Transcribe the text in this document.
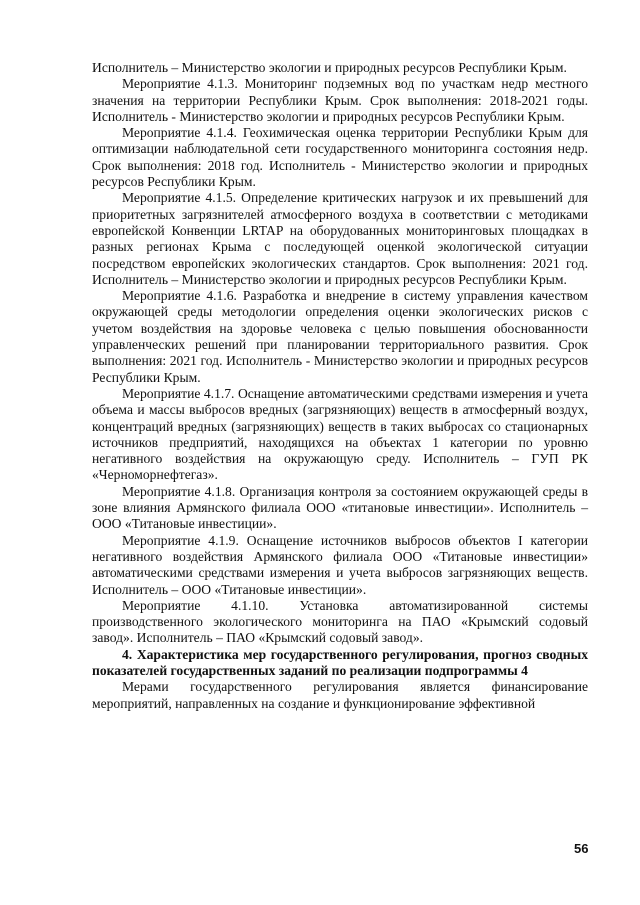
Исполнитель – Министерство экологии и природных ресурсов Республики Крым.

Мероприятие 4.1.3. Мониторинг подземных вод по участкам недр местного значения на территории Республики Крым. Срок выполнения: 2018-2021 годы. Исполнитель - Министерство экологии и природных ресурсов Республики Крым.

Мероприятие 4.1.4. Геохимическая оценка территории Республики Крым для оптимизации наблюдательной сети государственного мониторинга состояния недр. Срок выполнения: 2018 год. Исполнитель - Министерство экологии и природных ресурсов Республики Крым.

Мероприятие 4.1.5. Определение критических нагрузок и их превышений для приоритетных загрязнителей атмосферного воздуха в соответствии с методиками европейской Конвенции LRTAP на оборудованных мониторинговых площадках в разных регионах Крыма с последующей оценкой экологической ситуации посредством европейских экологических стандартов. Срок выполнения: 2021 год. Исполнитель – Министерство экологии и природных ресурсов Республики Крым.

Мероприятие 4.1.6. Разработка и внедрение в систему управления качеством окружающей среды методологии определения оценки экологических рисков с учетом воздействия на здоровье человека с целью повышения обоснованности управленческих решений при планировании территориального развития. Срок выполнения: 2021 год. Исполнитель - Министерство экологии и природных ресурсов Республики Крым.

Мероприятие 4.1.7. Оснащение автоматическими средствами измерения и учета объема и массы выбросов вредных (загрязняющих) веществ в атмосферный воздух, концентраций вредных (загрязняющих) веществ в таких выбросах со стационарных источников предприятий, находящихся на объектах 1 категории по уровню негативного воздействия на окружающую среду. Исполнитель – ГУП РК «Черноморнефтегаз».

Мероприятие 4.1.8. Организация контроля за состоянием окружающей среды в зоне влияния Армянского филиала ООО «титановые инвестиции». Исполнитель – ООО «Титановые инвестиции».

Мероприятие 4.1.9. Оснащение источников выбросов объектов I категории негативного воздействия Армянского филиала ООО «Титановые инвестиции» автоматическими средствами измерения и учета выбросов загрязняющих веществ. Исполнитель – ООО «Титановые инвестиции».

Мероприятие 4.1.10. Установка автоматизированной системы производственного экологического мониторинга на ПАО «Крымский содовый завод». Исполнитель – ПАО «Крымский содовый завод».

4. Характеристика мер государственного регулирования, прогноз сводных показателей государственных заданий по реализации подпрограммы 4

Мерами государственного регулирования является финансирование мероприятий, направленных на создание и функционирование эффективной

56
